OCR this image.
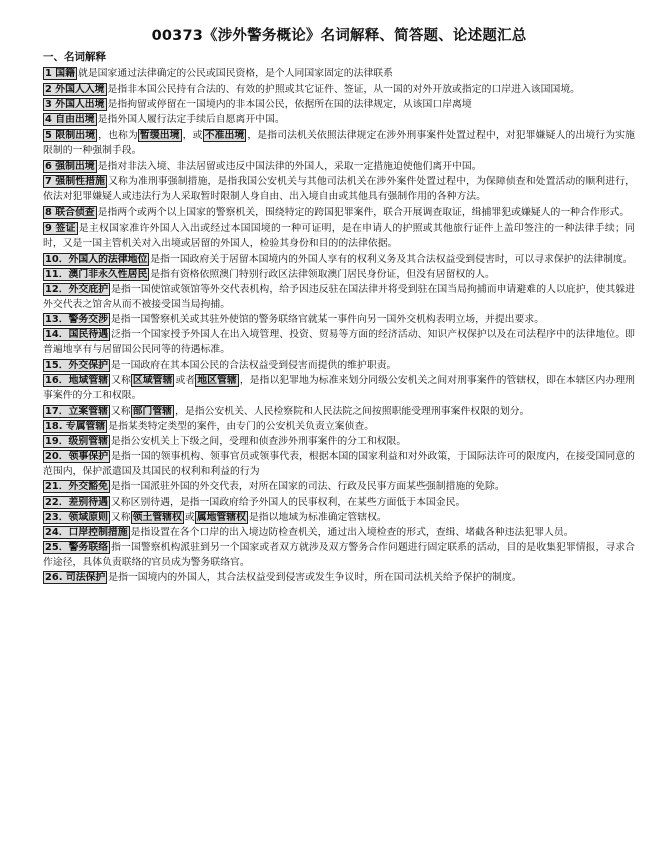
00373《涉外警务概论》名词解释、简答题、论述题汇总
一、名词解释

1 国籍 就是国家通过法律确定的公民或国民资格，是个人同国家固定的法律联系

2 外国人入境 是指非本国公民持有合法的、有效的护照或其它证件、签证，从一国的对外开放或指定的口岸进入该国国境。

3 外国人出境 是指拘留或停留在一国境内的非本国公民，依据所在国的法律规定，从该国口岸离境

4 自由出境 是指外国人履行法定手续后自愿离开中国。

5 限制出境 ，也称为 暂缓出境 ，或 不准出境 ，是指司法机关依照法律规定在涉外刑事案件处置过程中，对犯罪嫌疑人的出境行为实施限制的一种强制手段。

6 强制出境 是指对非法入境、非法居留或违反中国法律的外国人，采取一定措施迫使他们离开中国。

7 强制性措施 又称为准刑事强制措施，是指我国公安机关与其他司法机关在涉外案件处置过程中，为保障侦查和处置活动的顺利进行，依法对犯罪嫌疑人或违法行为人采取暂时限制人身自由、出入境自由或其他具有强制作用的各种方法。

8 联合侦查 是指两个或两个以上国家的警察机关，围绕特定的跨国犯罪案件，联合开展调查取证，缉捕罪犯或嫌疑人的一种合作形式。

9 签证 是主权国家准许外国人入出或经过本国国境的一种可证明，是在申请人的护照或其他旅行证件上盖印签注的一种法律手续；同时，又是一国主管机关对入出境或居留的外国人，检验其身份和目的的法律依据。

10．外国人的法律地位 是指一国政府关于居留本国境内的外国人享有的权利义务及其合法权益受到侵害时，可以寻求保护的法律制度。

11．澳门非永久性居民 是指有资格依照澳门特别行政区法律领取澳门居民身份证，但没有居留权的人。

12．外交庇护 是指一国使馆或领馆等外交代表机构，给予因违反驻在国法律并将受到驻在国当局拘捕而申请避难的人以庇护，使其躲进外交代表之馆舍从而不被接受国当局拘捕。

13．警务交涉 是指一国警察机关或其驻外使馆的警务联络官就某一事件向另一国外交机构表明立场，并提出要求。

14．国民待遇 泛指一个国家授予外国人在出入境管理、投资、贸易等方面的经济活动、知识产权保护以及在司法程序中的法律地位。即普遍地享有与居留国公民同等的待遇标准。

15．外交保护 是一国政府在其本国公民的合法权益受到侵害而提供的维护职责。

16．地域管辖 又称 区域管辖 或者 地区管辖 ，是指以犯罪地为标准来划分同级公安机关之间对刑事案件的管辖权，即在本辖区内办理刑事案件的分工和权限。

17．立案管辖 又称 部门管辖 ，是指公安机关、人民检察院和人民法院之间按照职能受理刑事案件权限的划分。

18. 专属管辖 是指某类特定类型的案件，由专门的公安机关负责立案侦查。

19．级别管辖 是指公安机关上下级之间，受理和侦查涉外刑事案件的分工和权限。

20．领事保护 是指一国的领事机构、领事官员或领事代表，根据本国的国家利益和对外政策，于国际法许可的限度内，在接受国同意的范围内，保护派遣国及其国民的权利和利益的行为

21．外交豁免 是指一国派驻外国的外交代表，对所在国家的司法、行政及民事方面某些强制措施的免除。

22．差别待遇 又称区别待遇，是指一国政府给予外国人的民事权利，在某些方面低于本国金民。

23．领域原则 又称 领土管辖权 或 属地管辖权 是指以地域为标准确定管辖权。

24．口岸控制措施 是指设置在各个口岸的出入境边防检查机关，通过出入境检查的形式，查缉、堵截各种违法犯罪人员。

25．警务联络 指一国警察机构派驻到另一个国家或者双方就涉及双方警务合作问题进行固定联系的活动，目的是收集犯罪情报，寻求合作途径，具体负责联络的官员成为警务联络官。

26. 司法保护 是指一国境内的外国人，其合法权益受到侵害或发生争议时，所在国司法机关给予保护的制度。
